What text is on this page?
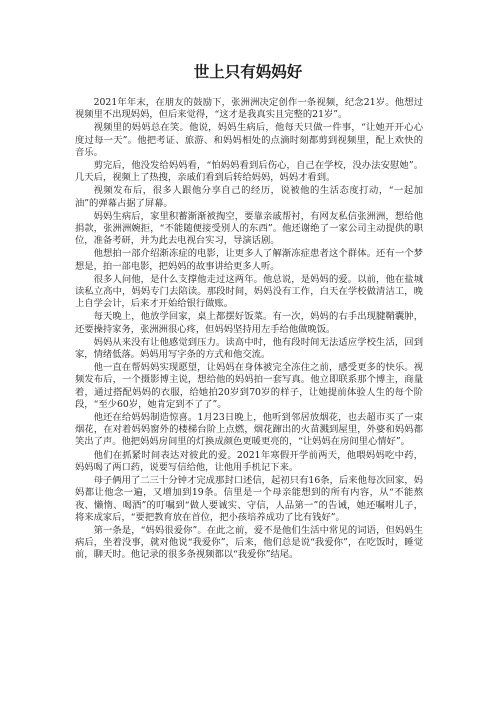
世上只有妈妈好

2021年年末，在朋友的鼓励下，张洲洲决定创作一条视频，纪念21岁。他想过视频里不出现妈妈，但后来觉得，“这才是我真实且完整的21岁”。

视频里的妈妈总在笑。他说，妈妈生病后，他每天只做一件事，“让她开开心心度过每一天”。他把考证、旅游、和妈妈相处的点滴时刻都剪到视频里，配上欢快的音乐。

剪完后，他没发给妈妈看，“怕妈妈看到后伤心，自己在学校，没办法安慰她”。几天后，视频上了热搜，亲戚们看到后转给妈妈，妈妈才看到。

视频发布后，很多人跟他分享自己的经历，说被他的生活态度打动，“一起加油”的弹幕占据了屏幕。

妈妈生病后，家里积蓄渐渐被掏空，要靠亲戚帮衬，有网友私信张洲洲，想给他捐款，张洲洲婉拒，“不能随便接受别人的东西”。他还谢绝了一家公司主动提供的职位，准备考研，并为此去电视台实习，导演话剧。

他想拍一部介绍渐冻症的电影，让更多人了解渐冻症患者这个群体。还有一个梦想是，拍一部电影，把妈妈的故事讲给更多人听。

很多人问他，是什么支撑他走过这两年。他总说，是妈妈的爱。以前，他在盐城读私立高中，妈妈专门去陪读。那段时间，妈妈没有工作，白天在学校做清洁工，晚上自学会计，后来才开始给银行做账。

每天晚上，他放学回家，桌上都摆好饭菜。有一次，妈妈的右手出现腱鞘囊肿，还要操持家务，张洲洲很心疼，但妈妈坚持用左手给他做晚饭。

妈妈从来没有让他感觉到压力。读高中时，他有段时间无法适应学校生活，回到家，情绪低落。妈妈用写字条的方式和他交流。

他一直在帮妈妈实现愿望，让妈妈在身体被完全冻住之前，感受更多的快乐。视频发布后，一个摄影博主说，想给他的妈妈拍一套写真。他立即联系那个博主，商量着，通过搭配妈妈的衣服，给她拍20岁到70岁的样子，让她提前体验人生的每个阶段，“至少60岁，她肯定到不了了”。

他还在给妈妈制造惊喜。1月23日晚上，他听到邻居放烟花，也去超市买了一束烟花，在对着妈妈窗外的楼梯台阶上点燃，烟花蹿出的火苗溅到屋里，外婆和妈妈都笑出了声。他把妈妈房间里的灯换成颜色更暖更亮的，“让妈妈在房间里心情好”。

他们在抓紧时间表达对彼此的爱。2021年寒假开学前两天，他喂妈妈吃中药，妈妈喝了两口药，说要写信给他，让他用手机记下来。

母子俩用了二三十分钟才完成那封口述信，起初只有16条，后来他每次回家，妈妈都让他念一遍，又增加到19条。信里是一个母亲能想到的所有内容，从“不能熬夜、懒惰、喝酒”的叮嘱到“做人要诚实、守信，人品第一”的告诫，她还嘱咐儿子，将来成家后，“要把教育放在首位，把小孩培养成功了比有钱好”。

第一条是，“妈妈很爱你”。在此之前，爱不是他们生活中常见的词语，但妈妈生病后，坐着没事，就对他说“我爱你”，后来，他们总是说“我爱你”，在吃饭时，睡觉前，聊天时。他记录的很多条视频都以“我爱你”结尾。
